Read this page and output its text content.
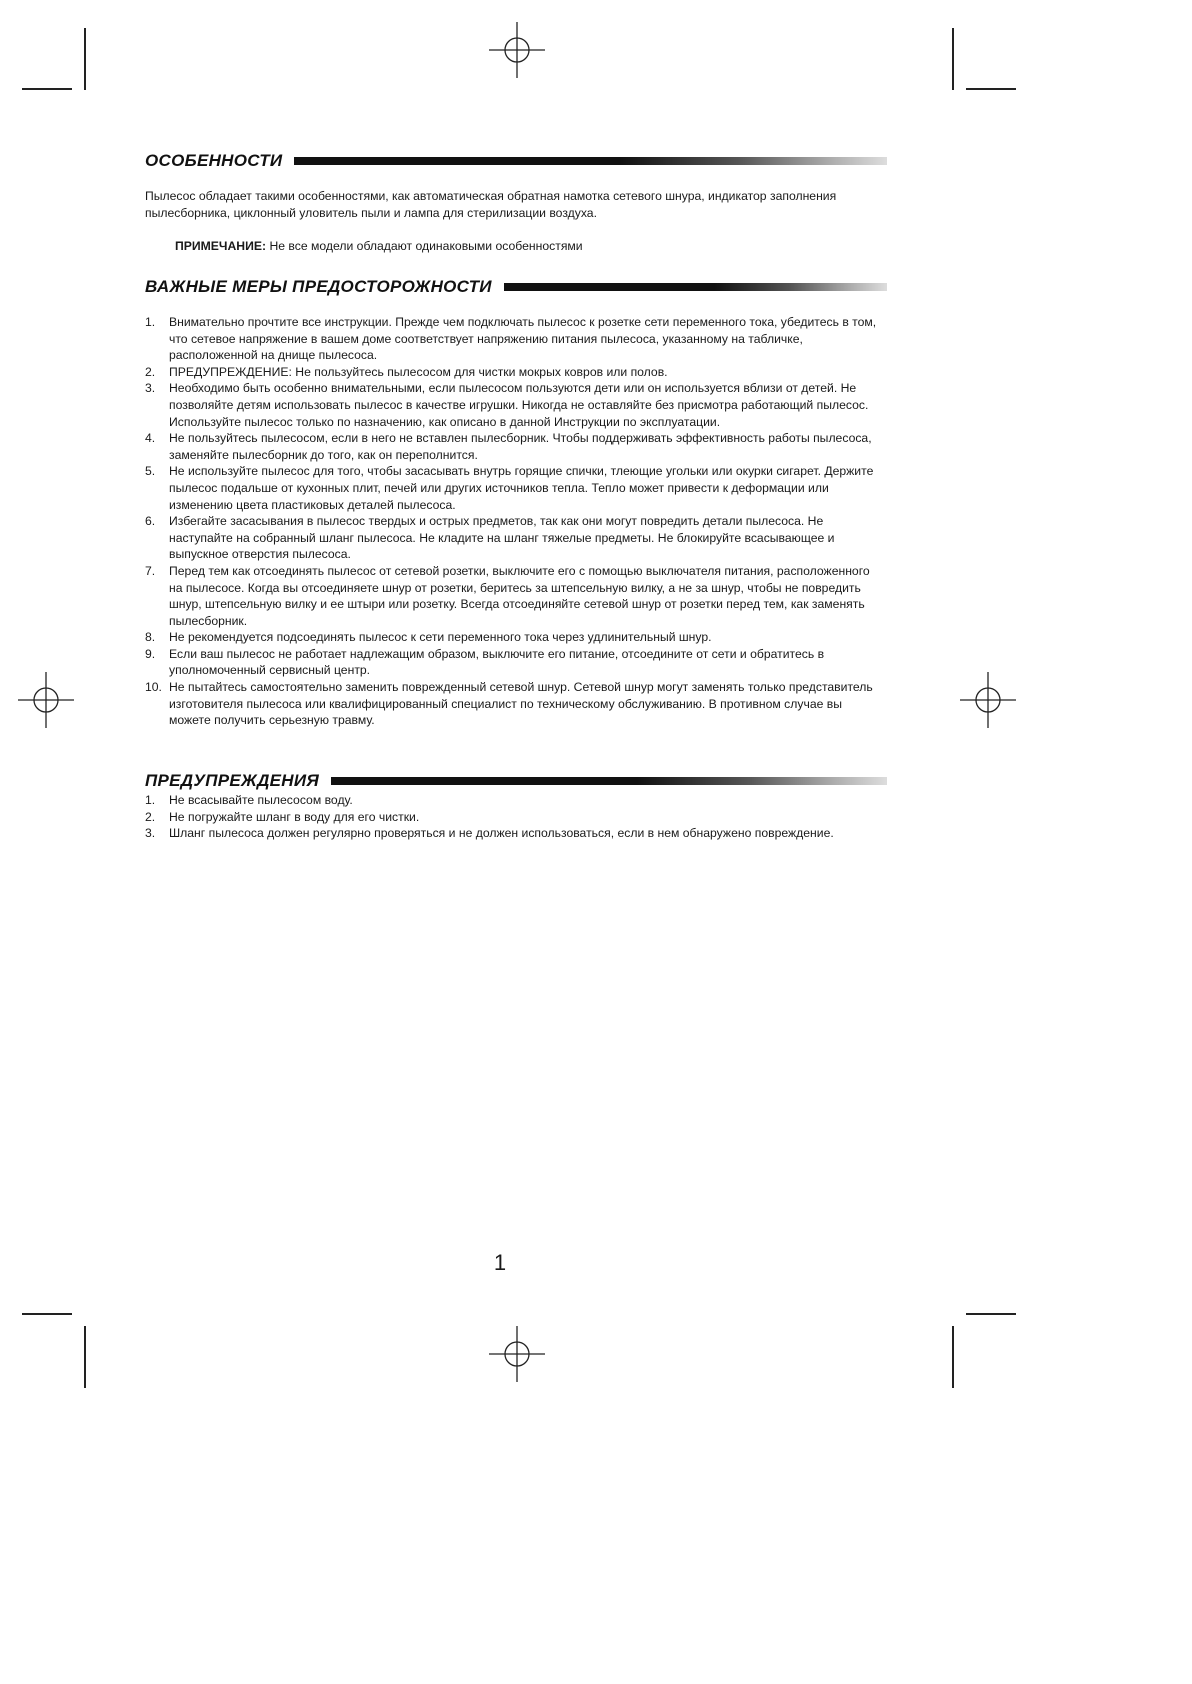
ОСОБЕННОСТИ
Пылесос обладает такими особенностями, как автоматическая обратная намотка сетевого шнура, индикатор заполнения пылесборника, циклонный уловитель пыли и лампа для стерилизации воздуха.
ПРИМЕЧАНИЕ: Не все модели обладают одинаковыми особенностями
ВАЖНЫЕ МЕРЫ ПРЕДОСТОРОЖНОСТИ
1. Внимательно прочтите все инструкции. Прежде чем подключать пылесос к розетке сети переменного тока, убедитесь в том, что сетевое напряжение в вашем доме соответствует напряжению питания пылесоса, указанному на табличке, расположенной на днище пылесоса.
2. ПРЕДУПРЕЖДЕНИЕ: Не пользуйтесь пылесосом для чистки мокрых ковров или полов.
3. Необходимо быть особенно внимательными, если пылесосом пользуются дети или он используется вблизи от детей. Не позволяйте детям использовать пылесос в качестве игрушки. Никогда не оставляйте без присмотра работающий пылесос. Используйте пылесос только по назначению, как описано в данной Инструкции по эксплуатации.
4. Не пользуйтесь пылесосом, если в него не вставлен пылесборник. Чтобы поддерживать эффективность работы пылесоса, заменяйте пылесборник до того, как он переполнится.
5. Не используйте пылесос для того, чтобы засасывать внутрь горящие спички, тлеющие угольки или окурки сигарет. Держите пылесос подальше от кухонных плит, печей или других источников тепла. Тепло может привести к деформации или изменению цвета пластиковых деталей пылесоса.
6. Избегайте засасывания в пылесос твердых и острых предметов, так как они могут повредить детали пылесоса. Не наступайте на собранный шланг пылесоса. Не кладите на шланг тяжелые предметы. Не блокируйте всасывающее и выпускное отверстия пылесоса.
7. Перед тем как отсоединять пылесос от сетевой розетки, выключите его с помощью выключателя питания, расположенного на пылесосе. Когда вы отсоединяете шнур от розетки, беритесь за штепсельную вилку, а не за шнур, чтобы не повредить шнур, штепсельную вилку и ее штыри или розетку. Всегда отсоединяйте сетевой шнур от розетки перед тем, как заменять пылесборник.
8. Не рекомендуется подсоединять пылесос к сети переменного тока через удлинительный шнур.
9. Если ваш пылесос не работает надлежащим образом, выключите его питание, отсоедините от сети и обратитесь в уполномоченный сервисный центр.
10. Не пытайтесь самостоятельно заменить поврежденный сетевой шнур. Сетевой шнур могут заменять только представитель изготовителя пылесоса или квалифицированный специалист по техническому обслуживанию. В противном случае вы можете получить серьезную травму.
ПРЕДУПРЕЖДЕНИЯ
1. Не всасывайте пылесосом воду.
2. Не погружайте шланг в воду для его чистки.
3. Шланг пылесоса должен регулярно проверяться и не должен использоваться, если в нем обнаружено повреждение.
1
